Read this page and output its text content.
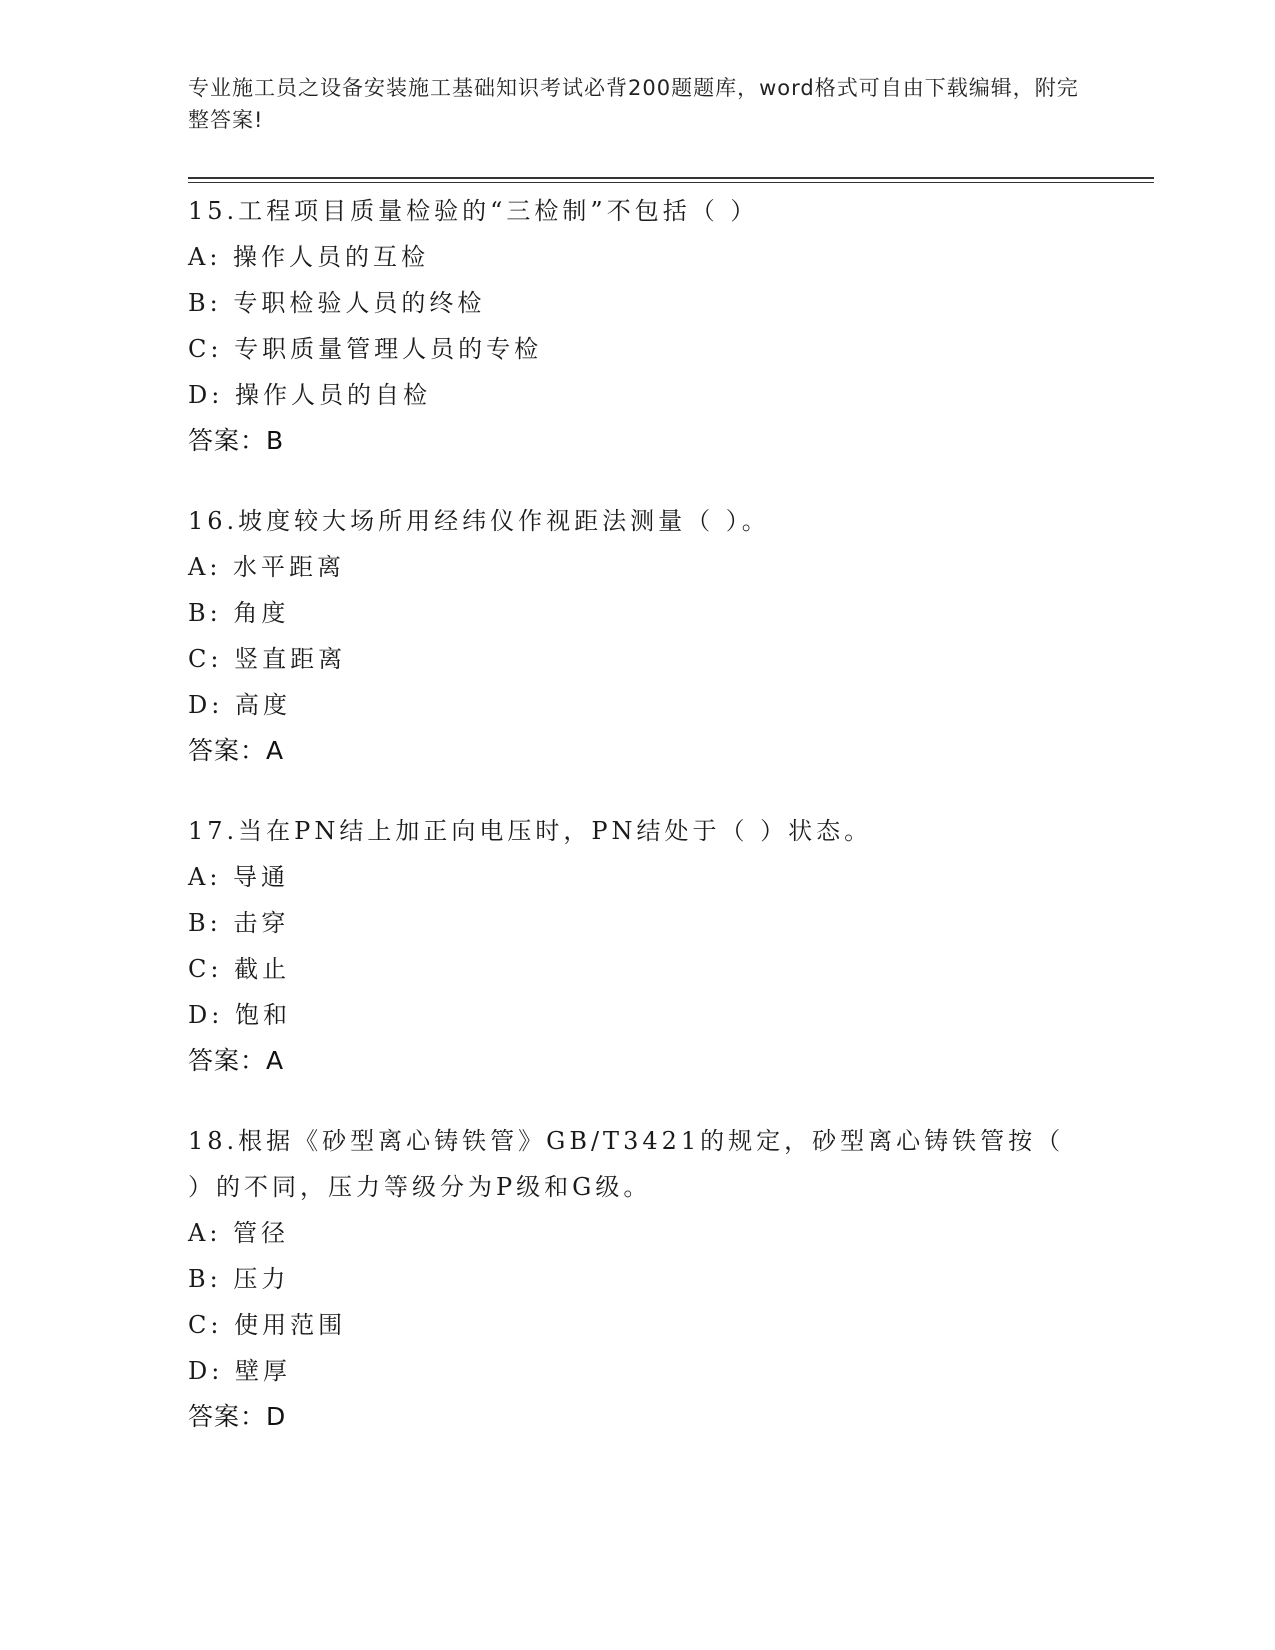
专业施工员之设备安装施工基础知识考试必背200题题库，word格式可自由下载编辑，附完整答案!
15.工程项目质量检验的“三检制”不包括（ ）
A: 操作人员的互检
B: 专职检验人员的终检
C: 专职质量管理人员的专检
D: 操作人员的自检
答案：B
16.坡度较大场所用经纬仪作视距法测量（ ）。
A: 水平距离
B: 角度
C: 竖直距离
D: 高度
答案：A
17.当在PN结上加正向电压时，PN结处于（ ）状态。
A: 导通
B: 击穿
C: 截止
D: 饱和
答案：A
18.根据《砂型离心铸铁管》GB/T3421的规定，砂型离心铸铁管按（ ）的不同，压力等级分为P级和G级。
A: 管径
B: 压力
C: 使用范围
D: 壁厚
答案：D
